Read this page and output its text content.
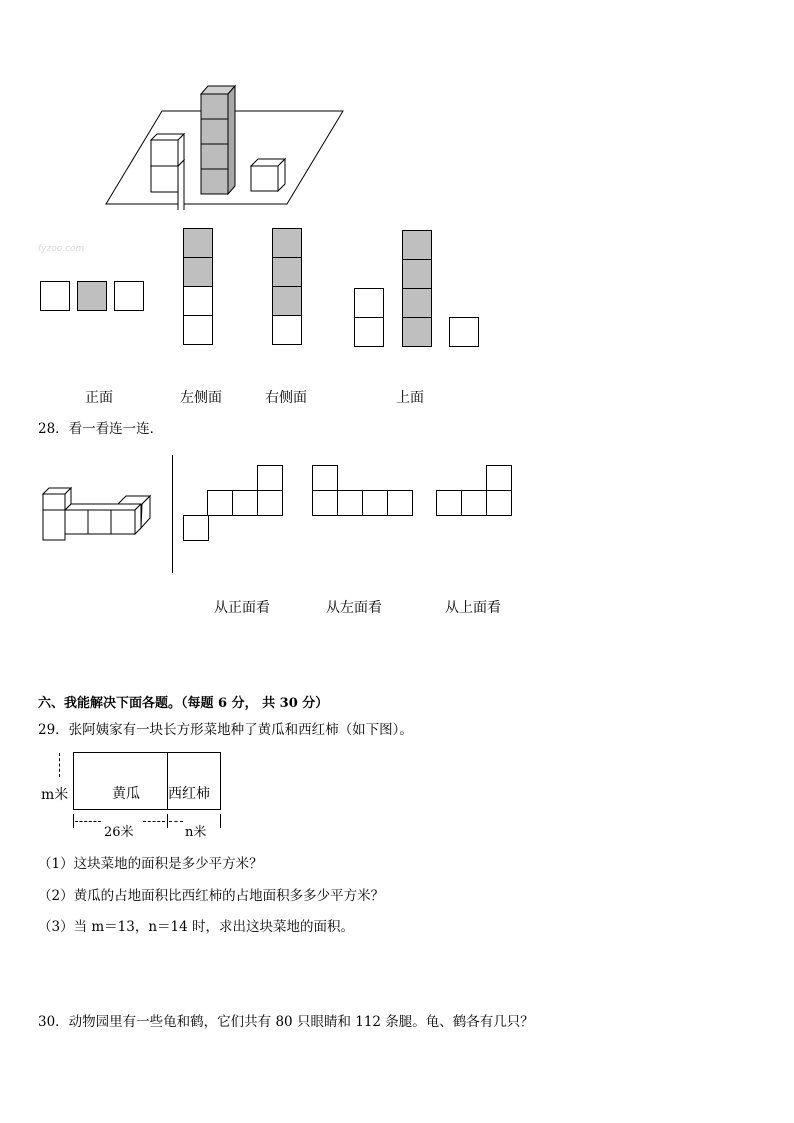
fyzoo.com
正面	左侧面	右侧面	上面
28．看一看连一连．
从正面看	从左面看	从上面看
六、我能解决下面各题。（每题 6 分， 共 30 分）
29．张阿姨家有一块长方形菜地种了黄瓜和西红柿（如下图）。
黄瓜 西红柿
m米
26米	n米
（1）这块菜地的面积是多少平方米？
（2）黄瓜的占地面积比西红柿的占地面积多多少平方米？
（3）当 m＝13，n＝14 时，求出这块菜地的面积。
30．动物园里有一些龟和鹤，它们共有 80 只眼睛和 112 条腿。龟、鹤各有几只？
